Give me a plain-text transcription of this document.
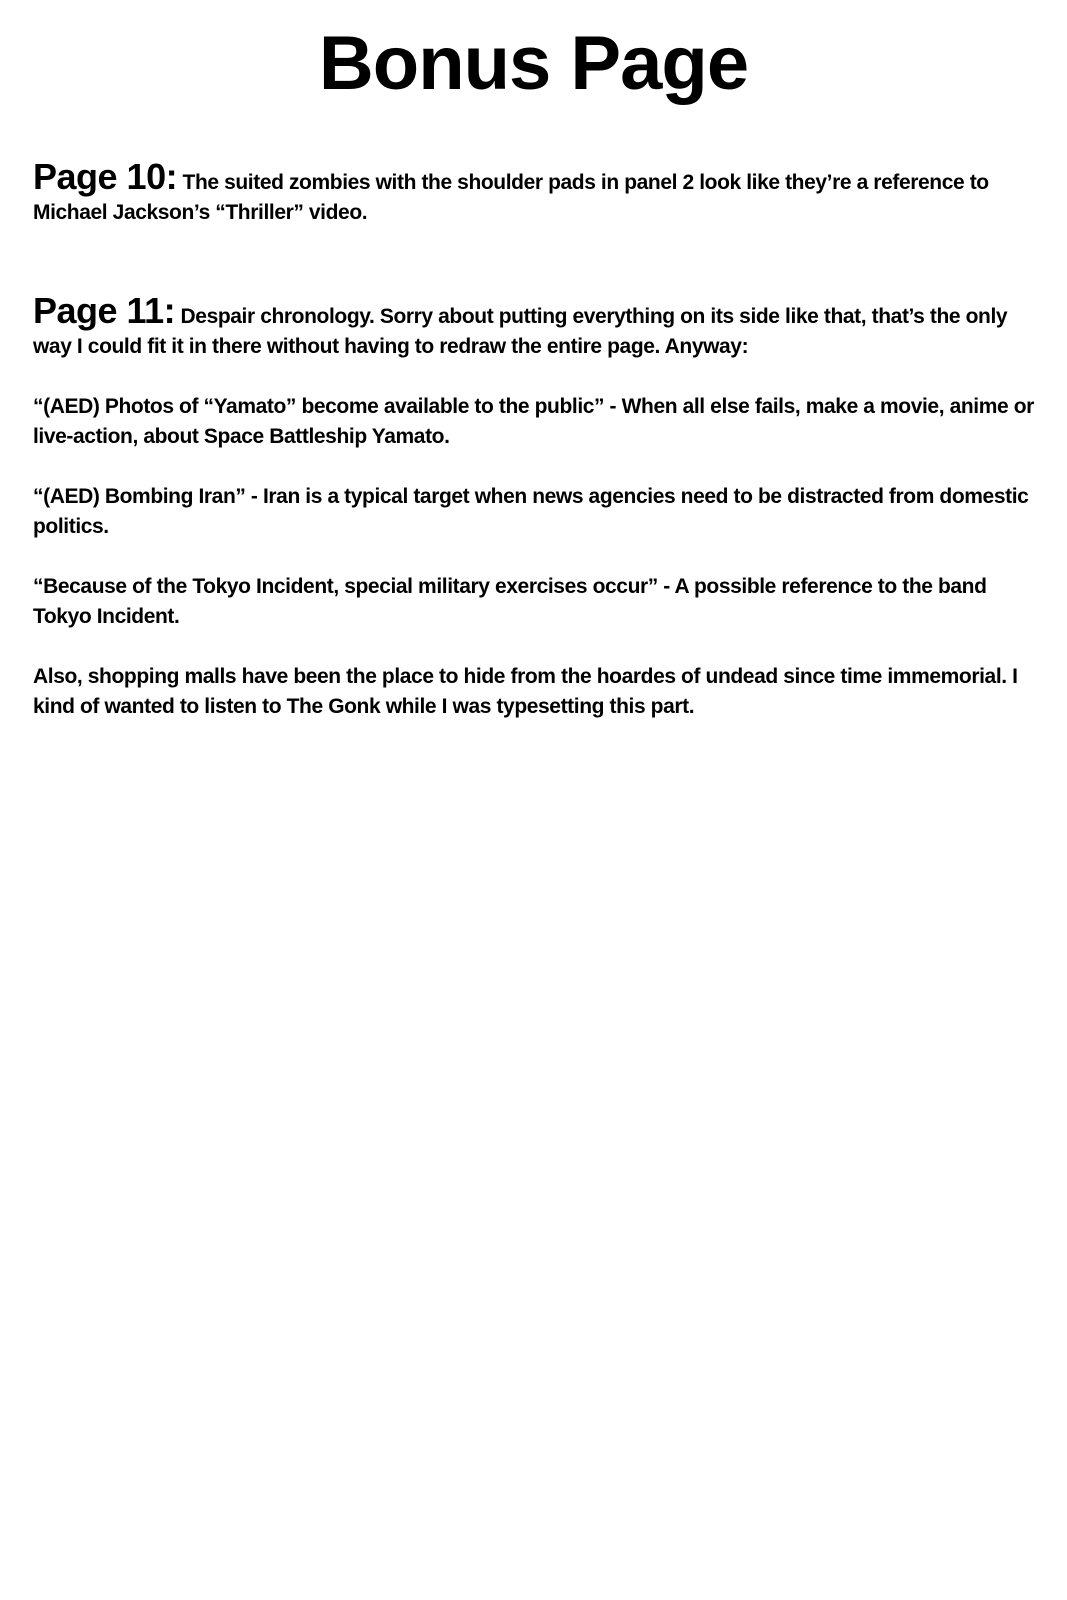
Bonus Page

Page 10: The suited zombies with the shoulder pads in panel 2 look like they’re a reference to Michael Jackson’s “Thriller” video.

Page 11: Despair chronology. Sorry about putting everything on its side like that, that’s the only way I could fit it in there without having to redraw the entire page. Anyway:

“(AED) Photos of “Yamato” become available to the public” - When all else fails, make a movie, anime or live-action, about Space Battleship Yamato.

“(AED) Bombing Iran” - Iran is a typical target when news agencies need to be distracted from domestic politics.

“Because of the Tokyo Incident, special military exercises occur” - A possible reference to the band Tokyo Incident.

Also, shopping malls have been the place to hide from the hoardes of undead since time immemorial. I kind of wanted to listen to The Gonk while I was typesetting this part.
